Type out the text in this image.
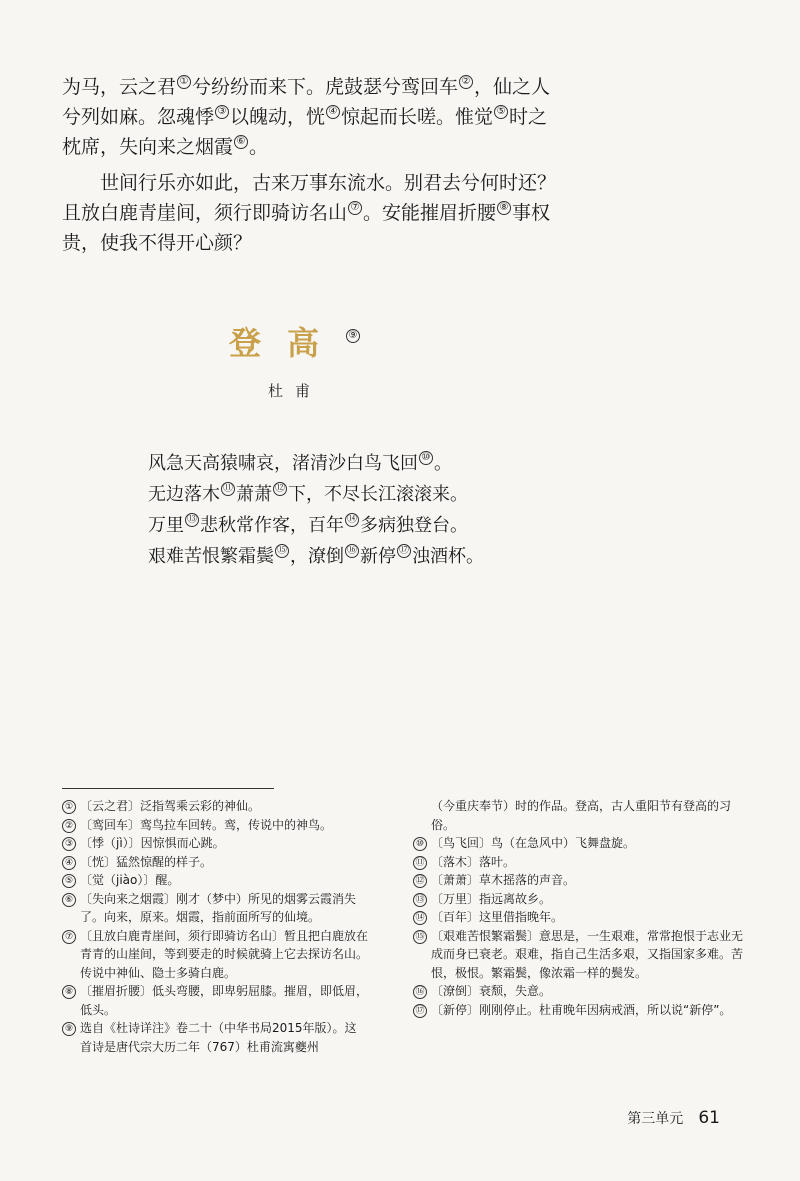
为马，云之君 ① 兮纷纷而来下。虎鼓瑟兮鸾回车 ② ，仙之人兮列如麻。忽魂悸 ③ 以魄动，恍 ④ 惊起而长嗟。惟觉 ⑤ 时之枕席，失向来之烟霞 ⑥ 。

世间行乐亦如此，古来万事东流水。别君去兮何时还？且放白鹿青崖间，须行即骑访名山 ⑦ 。安能摧眉折腰 ⑧ 事权贵，使我不得开心颜？

登高 ⑨
杜甫
风急天高猿啸哀，渚清沙白鸟飞回 ⑩ 。
无边落木 ⑪ 萧萧 ⑫ 下，不尽长江滚滚来。
万里 ⑬ 悲秋常作客，百年 ⑭ 多病独登台。
艰难苦恨繁霜鬓 ⑮ ，潦倒 ⑯ 新停 ⑰ 浊酒杯。
① 〔云之君〕泛指驾乘云彩的神仙。
② 〔鸾回车〕鸾鸟拉车回转。鸾，传说中的神鸟。
③ 〔悸（jì）〕因惊惧而心跳。
④ 〔恍〕猛然惊醒的样子。
⑤ 〔觉（jiào）〕醒。
⑥ 〔失向来之烟霞〕刚才（梦中）所见的烟雾云霞消失了。向来，原来。烟霞，指前面所写的仙境。
⑦ 〔且放白鹿青崖间，须行即骑访名山〕暂且把白鹿放在青青的山崖间，等到要走的时候就骑上它去探访名山。传说中神仙、隐士多骑白鹿。
⑧ 〔摧眉折腰〕低头弯腰，即卑躬屈膝。摧眉，即低眉，低头。
⑨ 选自《杜诗详注》卷二十（中华书局2015年版）。这首诗是唐代宗大历二年（767）杜甫流寓夔州
（今重庆奉节）时的作品。登高，古人重阳节有登高的习俗。
⑩ 〔鸟飞回〕鸟（在急风中）飞舞盘旋。
⑪ 〔落木〕落叶。
⑫ 〔萧萧〕草木摇落的声音。
⑬ 〔万里〕指远离故乡。
⑭ 〔百年〕这里借指晚年。
⑮ 〔艰难苦恨繁霜鬓〕意思是，一生艰难，常常抱恨于志业无成而身已衰老。艰难，指自己生活多艰，又指国家多难。苦恨，极恨。繁霜鬓，像浓霜一样的鬓发。
⑯ 〔潦倒〕衰颓，失意。
⑰ 〔新停〕刚刚停止。杜甫晚年因病戒酒，所以说“新停”。
第三单元 61
